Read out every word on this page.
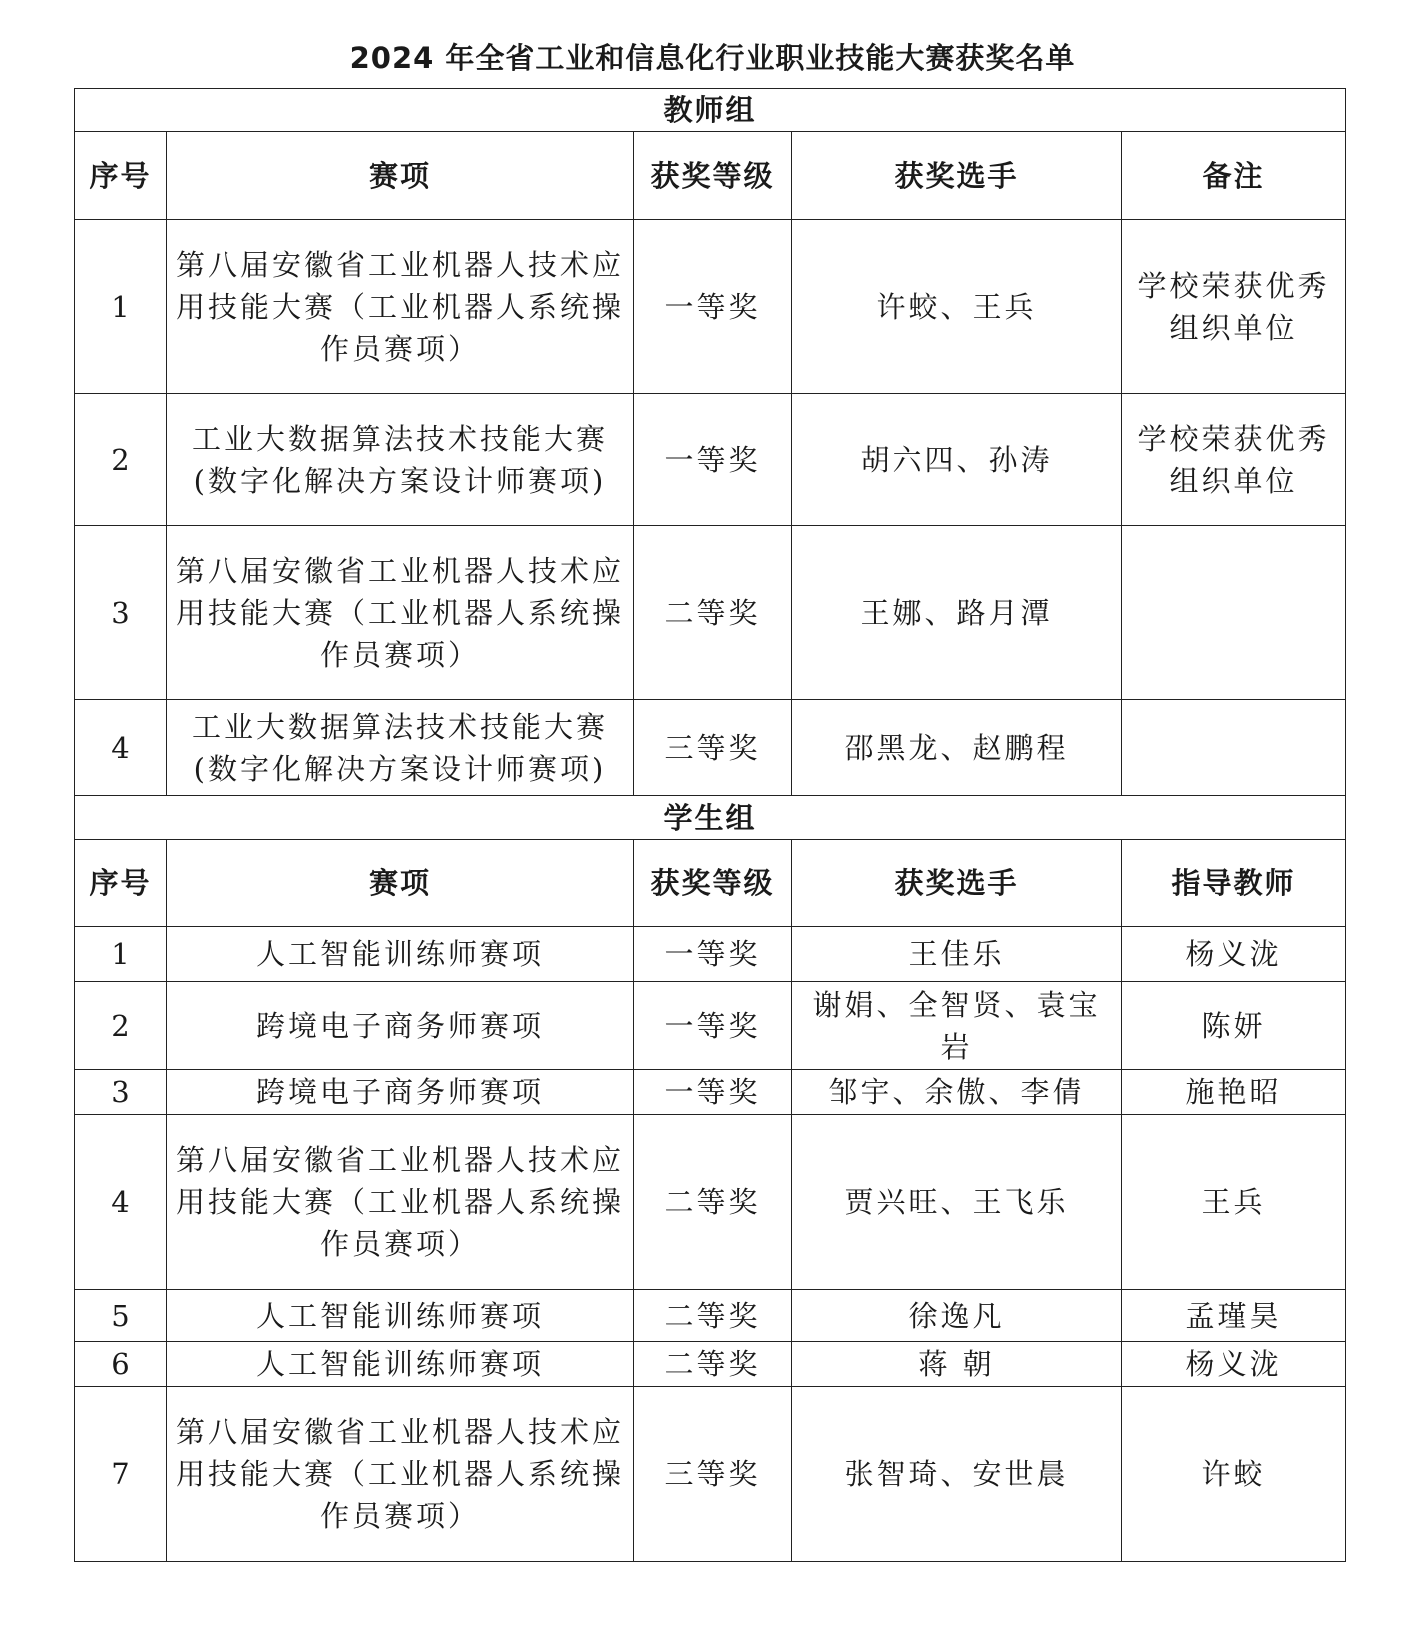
2024 年全省工业和信息化行业职业技能大赛获奖名单
教师组				
序号	赛项	获奖等级	获奖选手	备注
1	第八届安徽省工业机器人技术应用技能大赛（工业机器人系统操作员赛项）	一等奖	许蛟、王兵	学校荣获优秀组织单位
2	工业大数据算法技术技能大赛(数字化解决方案设计师赛项)	一等奖	胡六四、孙涛	学校荣获优秀组织单位
3	第八届安徽省工业机器人技术应用技能大赛（工业机器人系统操作员赛项）	二等奖	王娜、路月潭	
4	工业大数据算法技术技能大赛(数字化解决方案设计师赛项)	三等奖	邵黑龙、赵鹏程	
学生组				
序号	赛项	获奖等级	获奖选手	指导教师
1	人工智能训练师赛项	一等奖	王佳乐	杨义泷
2	跨境电子商务师赛项	一等奖	谢娟、全智贤、袁宝岩	陈妍
3	跨境电子商务师赛项	一等奖	邹宇、余傲、李倩	施艳昭
4	第八届安徽省工业机器人技术应用技能大赛（工业机器人系统操作员赛项）	二等奖	贾兴旺、王飞乐	王兵
5	人工智能训练师赛项	二等奖	徐逸凡	孟瑾昊
6	人工智能训练师赛项	二等奖	蒋 朝	杨义泷
7	第八届安徽省工业机器人技术应用技能大赛（工业机器人系统操作员赛项）	三等奖	张智琦、安世晨	许蛟
